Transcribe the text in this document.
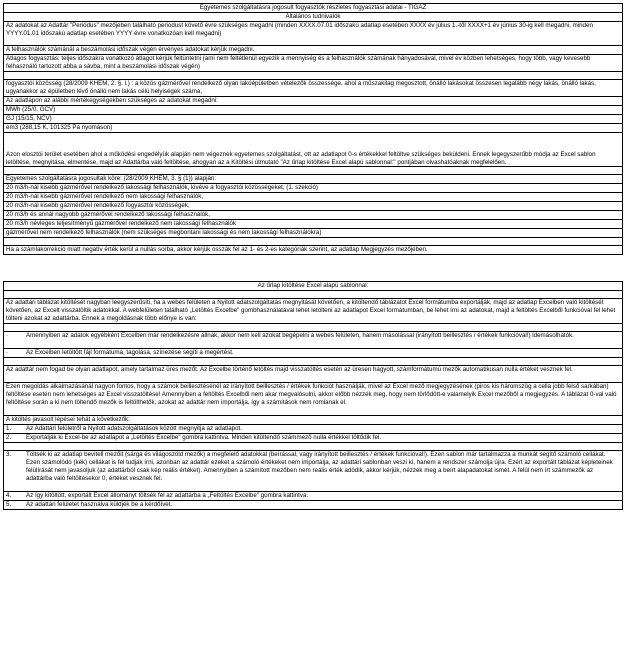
Egyetemes szolgáltatásra jogosult fogyasztók részletes fogyasztási adatai - TIGÁZ
Általános tudnivalók
Az adatokat az Adattár "Periódus" mezőjében található periodust követő évre szükséges megadni (minden XXXX.07.01 időszakú adatlap esetében XXXX év július 1.-től XXXX+1 év június 30-ig kell megadni, minden YYYY.01.01 időszakú adatlap esetében YYYY évre vonatkozóan kell megadni)
A felhasználók számánál a beszámolási időszak végén érvényes adatokat kérjük megadni.
Átlagos fogyasztás: teljes időszakra vonatkozó átlagot kérjük feltüntetni (ami nem feltétlenül egyezik a mennyiség és a felhasználók számának hányadosával, mivel év közben lehetséges, hogy több, vagy kevesebb felhasználó tartozott abba a sávba, mint a beszámolási időszak végén)
fogyasztói közösség (28/2009 KHEM, 2. §. l.) : a közös gázmérővel rendelkező olyan lakóépületben vételezők összessége, ahol a műszakilag megosztott, önálló lakásokat összesen legalább négy lakás, önálló lakás, ugyanakkor az épületben lévő önálló nem lakás célú helyiségek száma,
Az adatlapon az alábbi mértékegységekben szükséges az adatokat megadni:
MWh (25/0, GCV)
GJ (15/15, NCV)
em3 (288,15 K, 101325 Pa nyomáson)
Azon elosztói terület esetében ahol a működési engedélyük alapján nem végeznek egyetemes szolgáltatást, ott az adatlapot 0-s értékekkel feltöltve szükséges beküldeni. Ennek legegyszerűbb módja az Excel sablon letöltése, megnyitása, elmentése, majd az Adattárba való feltöltése, ahogyan az a Kitöltési útmutató "Az űrlap kitöltése Excel alapú sablonnal:" pontjában olvashatóaknak megfelelően.
Egyetemes szolgáltatásra jogosultak köre: (28/2009 KHEM, 3. § (1)) alapján:
20 m3/h-nál kisebb gázmérővel rendelkező lakossági felhasználók, kivéve a fogyasztói közösségeket, (1. szekció)
20 m3/h-nál kisebb gázmérővel rendelkező nem lakossági felhasználók,
20 m3/h-nál kisebb gázmérővel rendelkező fogyasztói közösségek,
20 m3/h és annál nagyobb gázmérővel rendelkező lakossági felhasználók,
20 m3/h névleges teljesítményű gázmérővel rendelkező nem lakossági felhasználók
gázmérővel nem rendelkező felhasználók (nem szükséges megbontani lakossági és nem lakossági felhasználókra)
Ha a számlakorrekció miatt negatív érték kerül a nullás sorba, akkor kérjük osszák fel az 1- és 2-es kategóriák szerint, az adatlap Megjegyzés mezőjében.
Az űrlap kitöltése Excel alapú sablonnal:
Az adattári táblázat kitöltését nagyban leegyszerűsíti, ha a webes felületen a Nyitott adatszolgáltatás megnyitását követően, a kitöltendő táblázatot Excel formátumba exportálják, majd az adatlap Excelben való kitöltését követően, az Excelt visszatöltik adatokkal. A webfelületen található „Letöltés Excelbe" gombhasználatával lehet letölteni az adatlapot Excel formátumban, be lehet írni az adatokat, majd a feltöltés Excelből funkcióval fel lehet tölteni azokat az adattárba. Ennek a megoldásnak több előnye is van:
·	Amennyiben az adatok egyébként Excelben már rendelkezésre állnak, akkor nem kell azokat begépelni a webes felületen, hanem másolással (irányított beillesztés / értékek funkcióval!) ldemásolhatók.
·	Az Excelben letöltött fájl formátuma, tagolása, színezése segíti a megértést.
Az adattár nem fogad be olyan adatlapot, amely tartalmaz üres mezőt. Az Excelbe történő letöltés majd visszatöltés esetén az üresen hagyott, számformátumú mezők automatikusan nulla értéket vesznek fel.
Ezen megoldás alkalmazásánál nagyon fontos, hogy a számok beillesztésénél az irányított beillesztés / értékek funkciót használják, mivel az Excel mező megjegyzésének (piros kis háromszög a cella jobb felső sarkában) feltöltése esetén nem lehetséges az Excel visszatöltése! Amennyiben a feltöltés Excelből nem akar megvalósulni, akkor előbb nézzék meg, hogy nem törlődött-e valamelyik Excel mezőből a megjegyzés. A táblázat 0-val való feltöltése során a ki nem töltendő mezők is feltölthetők, azokat az adattár nem importálja, így a számítások nem romlanak el.
A kitöltés javasolt lépései tehát a következők:
1.	Az Adattári felületről a Nyitott adatszolgáltatások között megnyitja az adatlapot.
2.	Exportálják ki Excel-be az adatlapot a „Letöltés Excelbe" gombra kattintva. Minden kitöltendő számmező nulla értékkel töltődik fel.
3.	Töltsék ki az adatlap bevitell mezőit (sárga és világoszöld mezők) a megfelelő adatokkal (beírással, vagy irányított beillesztés / értékek funkcióval!). Ezen sablon már tartalmazza a munkát segítő számoló cellákat. Ezen számolódó (kék) cellákat is fel tudják írni, azonban az adattár ezeket a számoló értékeket nem importálja, az adattári sablonban veszi ki, hanem a rendszer számolja újra. Ezért az exportált táblázat képleteinek felülírását nem javasoljuk (az adattárból csak kép reális értéket). Amennyiben a számított mezőben nem reális érték adódik, akkor kérjük, nézzék meg a beírt alapadatokat ismét. A felül nem írt számmezők az adattárba való feltöltésekor 0, értéket vesznek fel.
4.	Az így kitöltött, exportált Excel állományt töltsék fel az adattárba a „Feltöltés Excelbe" gombra kattintva.
5.	Az adattári felületet használva küldjék be a kérdőívet.
